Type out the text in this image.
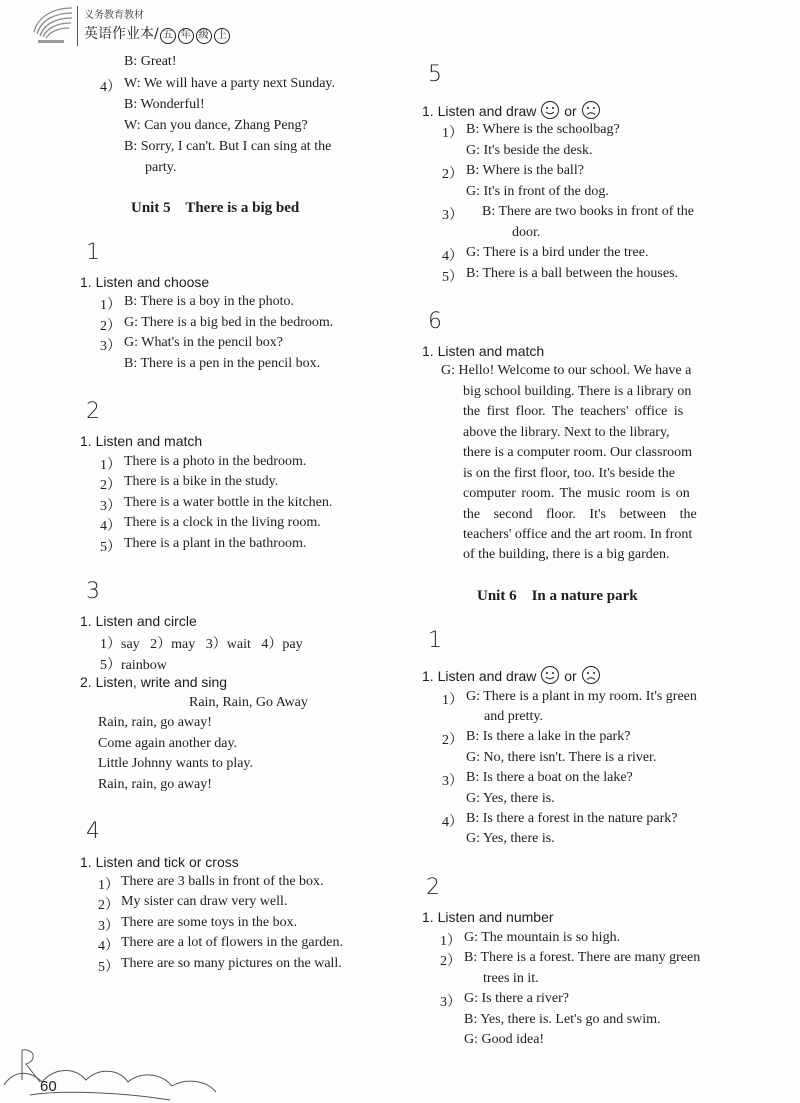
义务教育教材
英语作业本/ 五 年 级 上
B: Great!
4） W: We will have a party next Sunday.
B: Wonderful!
W: Can you dance, Zhang Peng?
B: Sorry, I can't. But I can sing at the
party.
Unit 5    There is a big bed
1
1. Listen and choose
1） B: There is a boy in the photo.
2） G: There is a big bed in the bedroom.
3） G: What's in the pencil box?
B: There is a pen in the pencil box.
2
1. Listen and match
1） There is a photo in the bedroom.
2） There is a bike in the study.
3） There is a water bottle in the kitchen.
4） There is a clock in the living room.
5） There is a plant in the bathroom.
3
1. Listen and circle
1）say   2）may   3）wait   4）pay
5）rainbow
2. Listen, write and sing
Rain, Rain, Go Away
Rain, rain, go away!
Come again another day.
Little Johnny wants to play.
Rain, rain, go away!
4
1. Listen and tick or cross
1） There are 3 balls in front of the box.
2） My sister can draw very well.
3） There are some toys in the box.
4） There are a lot of flowers in the garden.
5） There are so many pictures on the wall.
5
1. Listen and draw or
1） B: Where is the schoolbag?
G: It's beside the desk.
2） B: Where is the ball?
G: It's in front of the dog.
3） B: There are two books in front of the
door.
4） G: There is a bird under the tree.
5） B: There is a ball between the houses.
6
1. Listen and match
G: Hello! Welcome to our school. We have a
big school building. There is a library on
the first floor. The teachers' office is
above the library. Next to the library,
there is a computer room. Our classroom
is on the first floor, too. It's beside the
computer room. The music room is on
the second floor. It's between the
teachers' office and the art room. In front
of the building, there is a big garden.
Unit 6    In a nature park
1
1. Listen and draw or
1） G: There is a plant in my room. It's green
and pretty.
2） B: Is there a lake in the park?
G: No, there isn't. There is a river.
3） B: Is there a boat on the lake?
G: Yes, there is.
4） B: Is there a forest in the nature park?
G: Yes, there is.
2
1. Listen and number
1） G: The mountain is so high.
2） B: There is a forest. There are many green
trees in it.
3） G: Is there a river?
B: Yes, there is. Let's go and swim.
G: Good idea!
60
